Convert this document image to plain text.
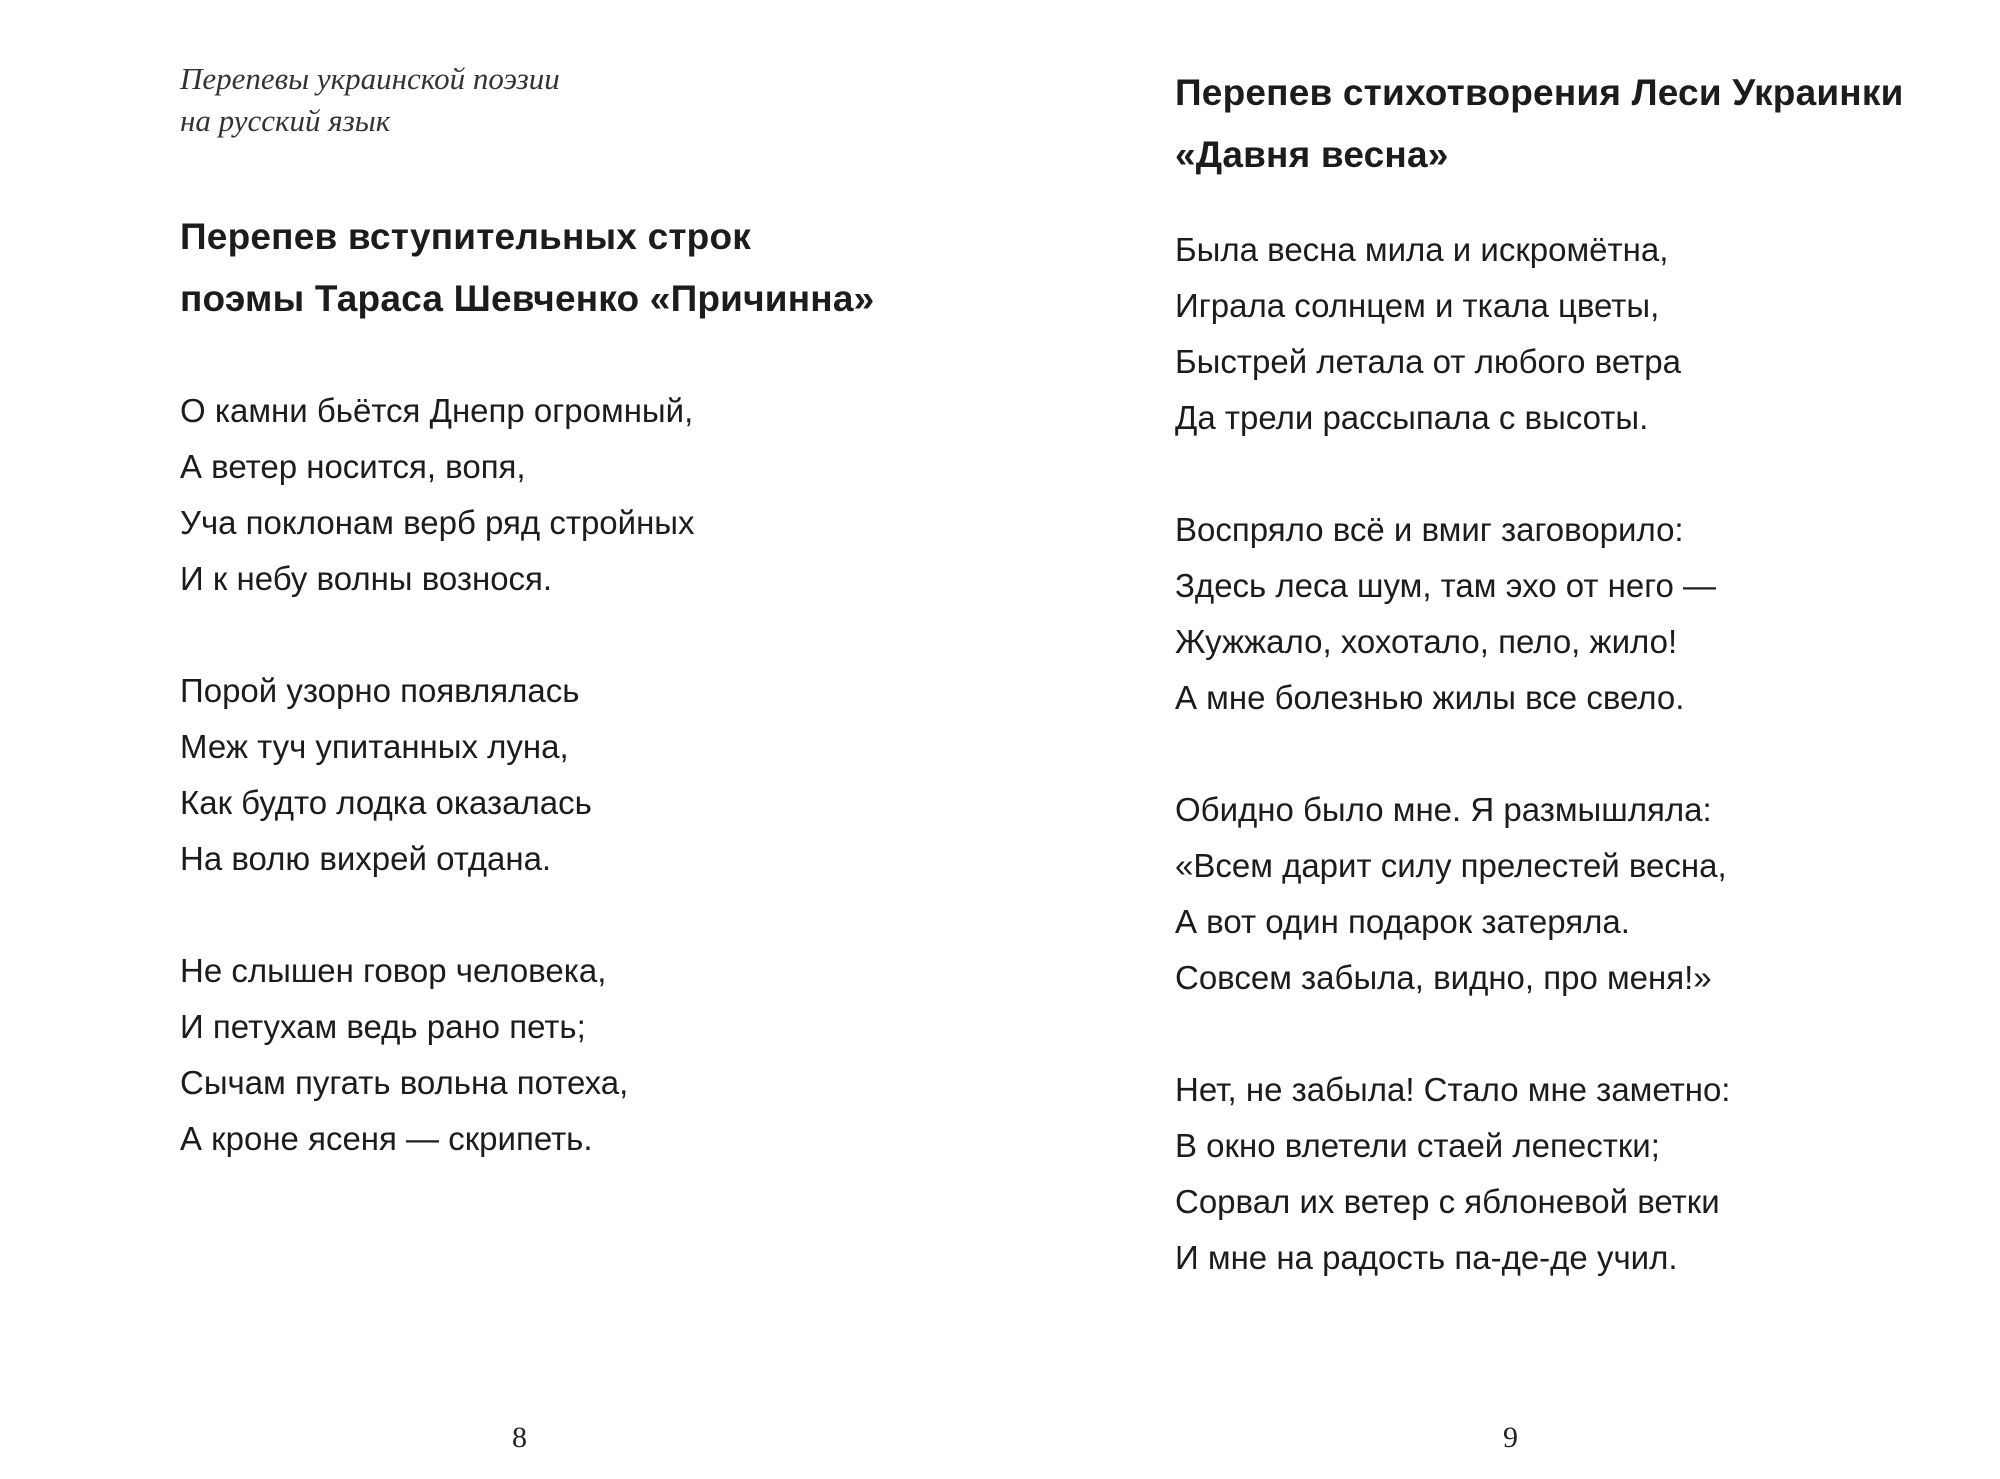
Перепевы украинской поэзии
на русский язык
Перепев вступительных строк
поэмы Тараса Шевченко «Причинна»
О камни бьётся Днепр огромный,
А ветер носится, вопя,
Уча поклонам верб ряд стройных
И к небу волны вознося.
Порой узорно появлялась
Меж туч упитанных луна,
Как будто лодка оказалась
На волю вихрей отдана.
Не слышен говор человека,
И петухам ведь рано петь;
Сычам пугать вольна потеха,
А кроне ясеня — скрипеть.
8
Перепев стихотворения Леси Украинки
«Давня весна»
Была весна мила и искромётна,
Играла солнцем и ткала цветы,
Быстрей летала от любого ветра
Да трели рассыпала с высоты.
Воспряло всё и вмиг заговорило:
Здесь леса шум, там эхо от него —
Жужжало, хохотало, пело, жило!
А мне болезнью жилы все свело.
Обидно было мне. Я размышляла:
«Всем дарит силу прелестей весна,
А вот один подарок затеряла.
Совсем забыла, видно, про меня!»
Нет, не забыла! Стало мне заметно:
В окно влетели стаей лепестки;
Сорвал их ветер с яблоневой ветки
И мне на радость па-де-де учил.
9
